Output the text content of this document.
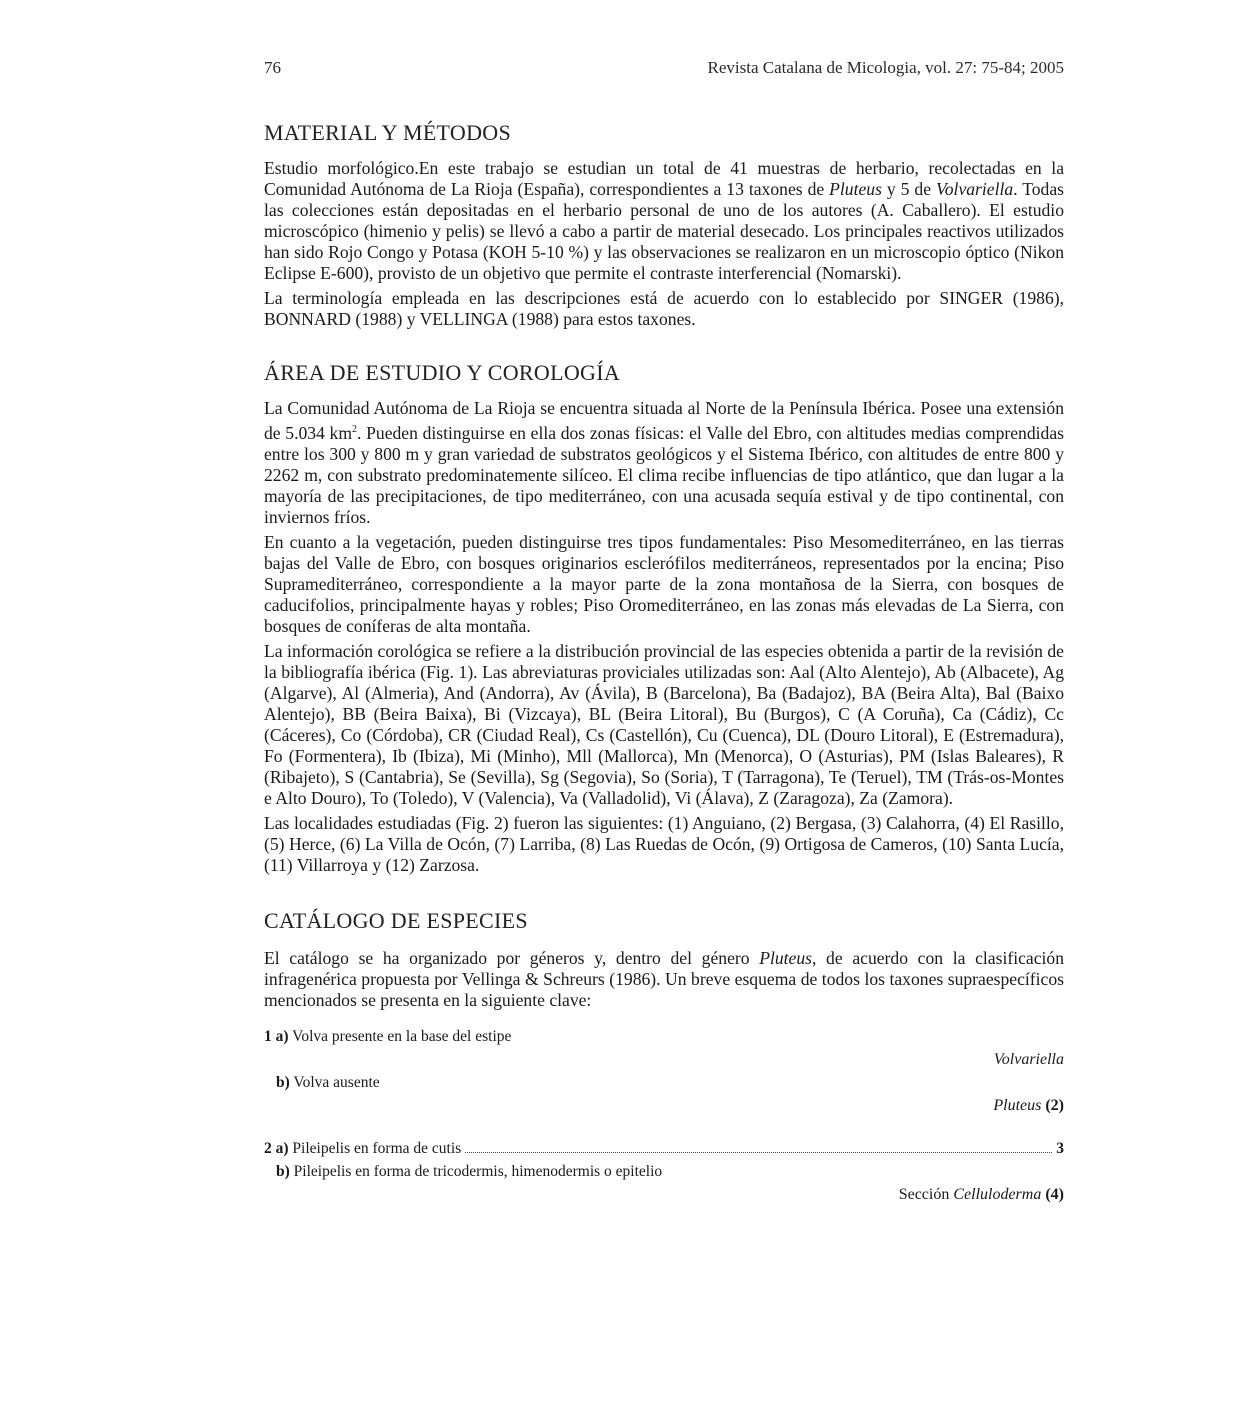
76	Revista Catalana de Micologia, vol. 27: 75-84; 2005
MATERIAL Y MÉTODOS

Estudio morfológico.En este trabajo se estudian un total de 41 muestras de herbario, recolectadas en la Comunidad Autónoma de La Rioja (España), correspondientes a 13 taxones de Pluteus y 5 de Volvariella. Todas las colecciones están depositadas en el herbario personal de uno de los autores (A. Caballero). El estudio microscópico (himenio y pelis) se llevó a cabo a partir de material desecado. Los principales reactivos utilizados han sido Rojo Congo y Potasa (KOH 5-10 %) y las observaciones se realizaron en un microscopio óptico (Nikon Eclipse E-600), provisto de un objetivo que permite el contraste interferencial (Nomarski).

La terminología empleada en las descripciones está de acuerdo con lo establecido por SINGER (1986), BONNARD (1988) y VELLINGA (1988) para estos taxones.

ÁREA DE ESTUDIO Y COROLOGÍA

La Comunidad Autónoma de La Rioja se encuentra situada al Norte de la Península Ibérica. Posee una extensión de 5.034 $km^2$. Pueden distinguirse en ella dos zonas físicas: el Valle del Ebro, con altitudes medias comprendidas entre los 300 y 800 m y gran variedad de substratos geológicos y el Sistema Ibérico, con altitudes de entre 800 y 2262 m, con substrato predominatemente silíceo. El clima recibe influencias de tipo atlántico, que dan lugar a la mayoría de las precipitaciones, de tipo mediterráneo, con una acusada sequía estival y de tipo continental, con inviernos fríos.

En cuanto a la vegetación, pueden distinguirse tres tipos fundamentales: Piso Mesomediterráneo, en las tierras bajas del Valle de Ebro, con bosques originarios esclerófilos mediterráneos, representados por la encina; Piso Supramediterráneo, correspondiente a la mayor parte de la zona montañosa de la Sierra, con bosques de caducifolios, principalmente hayas y robles; Piso Oromediterráneo, en las zonas más elevadas de La Sierra, con bosques de coníferas de alta montaña.

La información corológica se refiere a la distribución provincial de las especies obtenida a partir de la revisión de la bibliografía ibérica (Fig. 1). Las abreviaturas proviciales utilizadas son: Aal (Alto Alentejo), Ab (Albacete), Ag (Algarve), Al (Almeria), And (Andorra), Av (Ávila), B (Barcelona), Ba (Badajoz), BA (Beira Alta), Bal (Baixo Alentejo), BB (Beira Baixa), Bi (Vizcaya), BL (Beira Litoral), Bu (Burgos), C (A Coruña), Ca (Cádiz), Cc (Cáceres), Co (Córdoba), CR (Ciudad Real), Cs (Castellón), Cu (Cuenca), DL (Douro Litoral), E (Estremadura), Fo (Formentera), Ib (Ibiza), Mi (Minho), Mll (Mallorca), Mn (Menorca), O (Asturias), PM (Islas Baleares), R (Ribajeto), S (Cantabria), Se (Sevilla), Sg (Segovia), So (Soria), T (Tarragona), Te (Teruel), TM (Trás-os-Montes e Alto Douro), To (Toledo), V (Valencia), Va (Valladolid), Vi (Álava), Z (Zaragoza), Za (Zamora).

Las localidades estudiadas (Fig. 2) fueron las siguientes: (1) Anguiano, (2) Bergasa, (3) Calahorra, (4) El Rasillo, (5) Herce, (6) La Villa de Ocón, (7) Larriba, (8) Las Ruedas de Ocón, (9) Ortigosa de Cameros, (10) Santa Lucía, (11) Villarroya y (12) Zarzosa.

CATÁLOGO DE ESPECIES

El catálogo se ha organizado por géneros y, dentro del género Pluteus, de acuerdo con la clasificación infragenérica propuesta por Vellinga & Schreurs (1986). Un breve esquema de todos los taxones supraespecíficos mencionados se presenta en la siguiente clave:

1 a) Volva presente en la base del estipe
Volvariella
b) Volva ausente
Pluteus (2)
2 a)
Pileipelis en forma de cutis	3
b) Pileipelis en forma de tricodermis, himenodermis o epitelio
Sección Celluloderma (4)
